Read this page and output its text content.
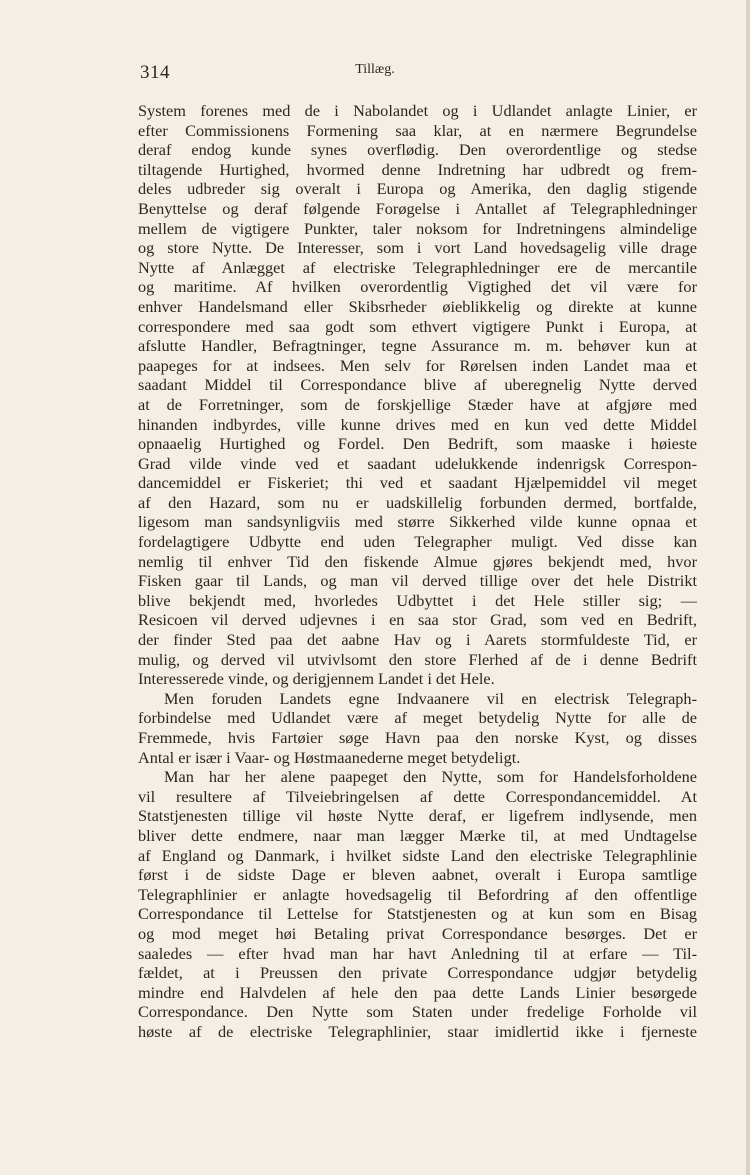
314	Tillæg.
System forenes med de i Nabolandet og i Udlandet anlagte Linier, er
efter Commissionens Formening saa klar, at en nærmere Begrundelse
deraf endog kunde synes overflødig. Den overordentlige og stedse
tiltagende Hurtighed, hvormed denne Indretning har udbredt og frem-
deles udbreder sig overalt i Europa og Amerika, den daglig stigende
Benyttelse og deraf følgende Forøgelse i Antallet af Telegraphledninger
mellem de vigtigere Punkter, taler noksom for Indretningens almindelige
og store Nytte. De Interesser, som i vort Land hovedsagelig ville drage
Nytte af Anlægget af electriske Telegraphledninger ere de mercantile
og maritime. Af hvilken overordentlig Vigtighed det vil være for
enhver Handelsmand eller Skibsrheder øieblikkelig og direkte at kunne
correspondere med saa godt som ethvert vigtigere Punkt i Europa, at
afslutte Handler, Befragtninger, tegne Assurance m. m. behøver kun at
paapeges for at indsees. Men selv for Rørelsen inden Landet maa et
saadant Middel til Correspondance blive af uberegnelig Nytte derved
at de Forretninger, som de forskjellige Stæder have at afgjøre med
hinanden indbyrdes, ville kunne drives med en kun ved dette Middel
opnaaelig Hurtighed og Fordel. Den Bedrift, som maaske i høieste
Grad vilde vinde ved et saadant udelukkende indenrigsk Correspon-
dancemiddel er Fiskeriet; thi ved et saadant Hjælpemiddel vil meget
af den Hazard, som nu er uadskillelig forbunden dermed, bortfalde,
ligesom man sandsynligviis med større Sikkerhed vilde kunne opnaa et
fordelagtigere Udbytte end uden Telegrapher muligt. Ved disse kan
nemlig til enhver Tid den fiskende Almue gjøres bekjendt med, hvor
Fisken gaar til Lands, og man vil derved tillige over det hele Distrikt
blive bekjendt med, hvorledes Udbyttet i det Hele stiller sig; —
Resicoen vil derved udjevnes i en saa stor Grad, som ved en Bedrift,
der finder Sted paa det aabne Hav og i Aarets stormfuldeste Tid, er
mulig, og derved vil utvivlsomt den store Flerhed af de i denne Bedrift
Interesserede vinde, og derigjennem Landet i det Hele.
Men foruden Landets egne Indvaanere vil en electrisk Telegraph-
forbindelse med Udlandet være af meget betydelig Nytte for alle de
Fremmede, hvis Fartøier søge Havn paa den norske Kyst, og disses
Antal er især i Vaar- og Høstmaanederne meget betydeligt.
Man har her alene paapeget den Nytte, som for Handelsforholdene
vil resultere af Tilveiebringelsen af dette Correspondancemiddel. At
Statstjenesten tillige vil høste Nytte deraf, er ligefrem indlysende, men
bliver dette endmere, naar man lægger Mærke til, at med Undtagelse
af England og Danmark, i hvilket sidste Land den electriske Telegraphlinie
først i de sidste Dage er bleven aabnet, overalt i Europa samtlige
Telegraphlinier er anlagte hovedsagelig til Befordring af den offentlige
Correspondance til Lettelse for Statstjenesten og at kun som en Bisag
og mod meget høi Betaling privat Correspondance besørges. Det er
saaledes — efter hvad man har havt Anledning til at erfare — Til-
fældet, at i Preussen den private Correspondance udgjør betydelig
mindre end Halvdelen af hele den paa dette Lands Linier besørgede
Correspondance. Den Nytte som Staten under fredelige Forholde vil
høste af de electriske Telegraphlinier, staar imidlertid ikke i fjerneste
